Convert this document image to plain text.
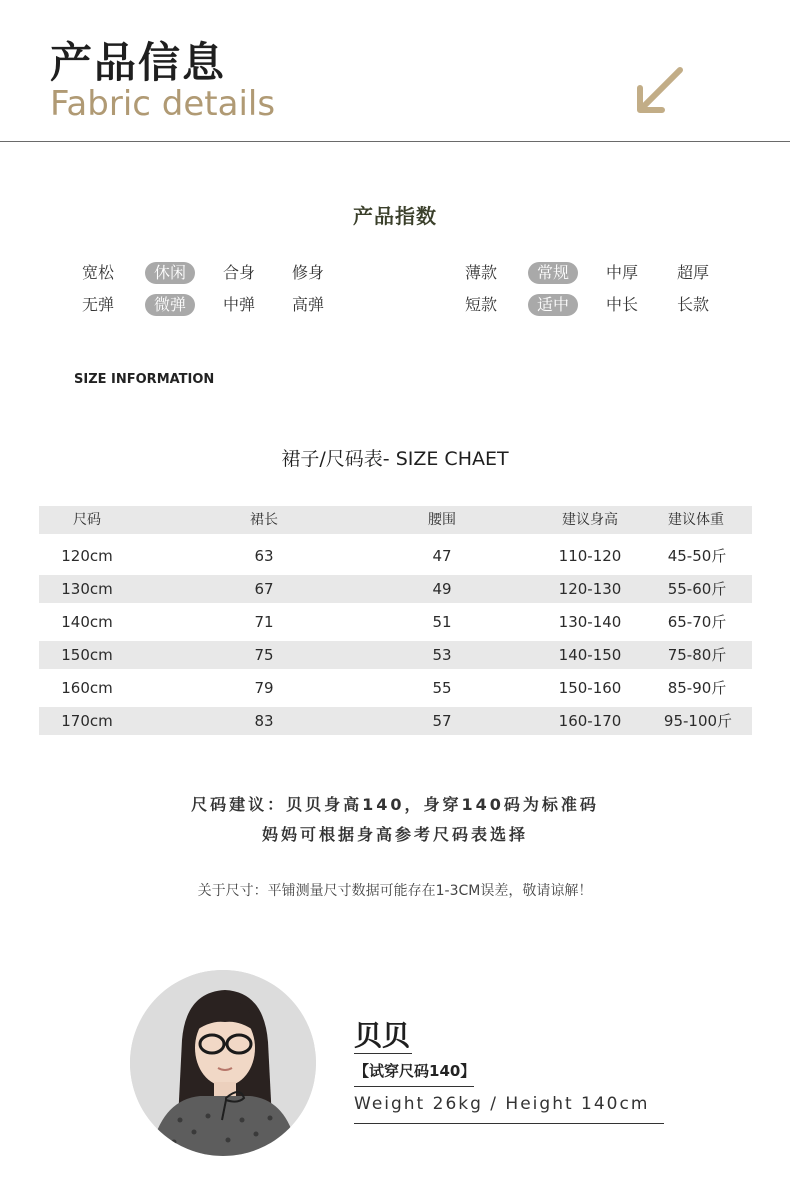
产品信息
Fabric details
产品指数
宽松	休闲	合身	修身
无弹	微弹	中弹	高弹
薄款	常规	中厚	超厚
短款	适中	中长	长款
SIZE INFORMATION
裙子/尺码表- SIZE CHAET
尺码	裙长	腰围	建议身高	建议体重
120cm	63	47	110-120	45-50斤
130cm	67	49	120-130	55-60斤
140cm	71	51	130-140	65-70斤
150cm	75	53	140-150	75-80斤
160cm	79	55	150-160	85-90斤
170cm	83	57	160-170	95-100斤
尺码建议：贝贝身高140，身穿140码为标准码
妈妈可根据身高参考尺码表选择
关于尺寸：平铺测量尺寸数据可能存在1-3CM误差，敬请谅解！
贝贝
【试穿尺码140】
Weight 26kg / Height 140cm
